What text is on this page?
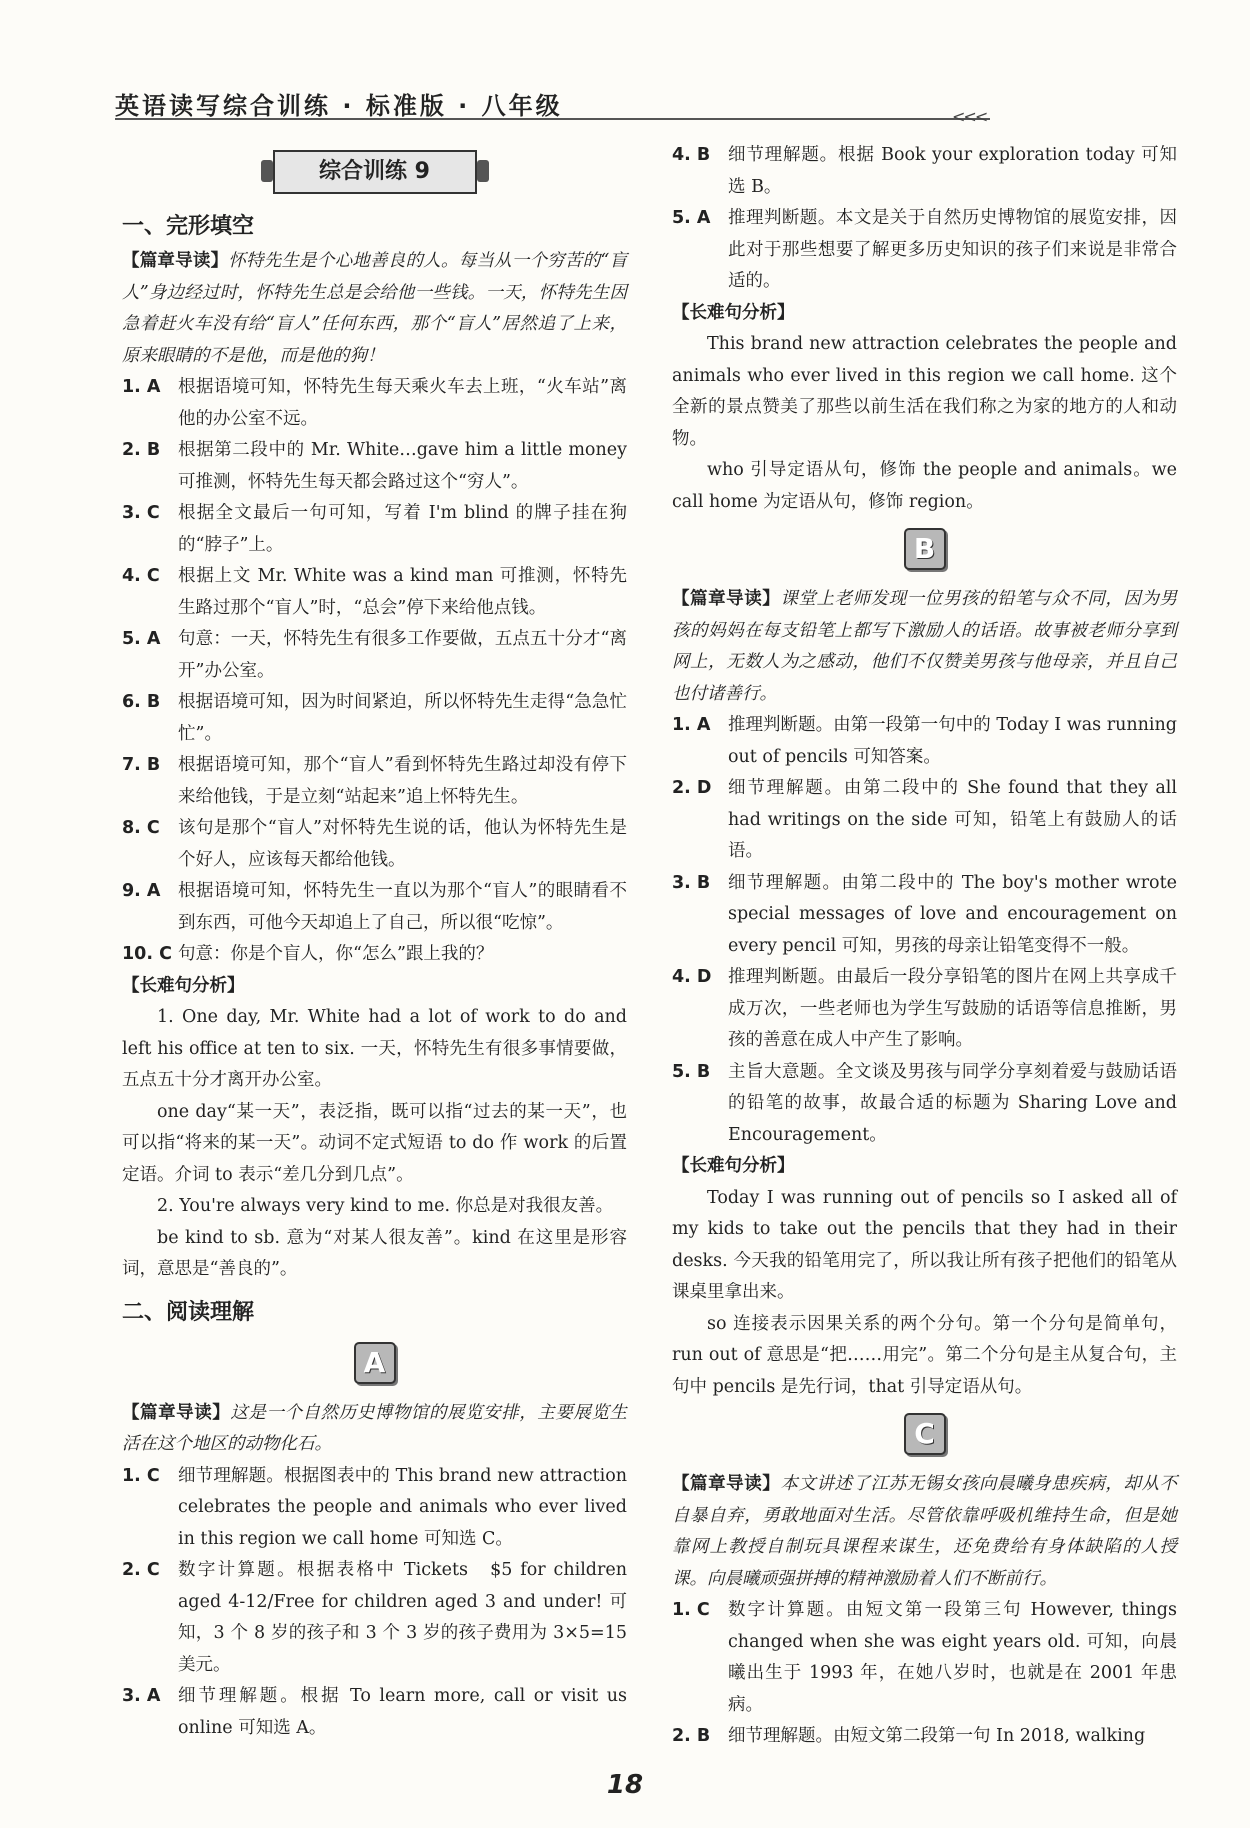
英语读写综合训练 · 标准版 · 八年级	<<<
综合训练 9
一、完形填空
【篇章导读】怀特先生是个心地善良的人。每当从一个穷苦的“盲人”身边经过时，怀特先生总是会给他一些钱。一天，怀特先生因急着赶火车没有给“盲人”任何东西，那个“盲人”居然追了上来，原来眼睛的不是他，而是他的狗！
1. A	根据语境可知，怀特先生每天乘火车去上班，“火车站”离他的办公室不远。
2. B	根据第二段中的 Mr. White…gave him a little money 可推测，怀特先生每天都会路过这个“穷人”。
3. C	根据全文最后一句可知，写着 I'm blind 的牌子挂在狗的“脖子”上。
4. C	根据上文 Mr. White was a kind man 可推测，怀特先生路过那个“盲人”时，“总会”停下来给他点钱。
5. A	句意：一天，怀特先生有很多工作要做，五点五十分才“离开”办公室。
6. B	根据语境可知，因为时间紧迫，所以怀特先生走得“急急忙忙”。
7. B	根据语境可知，那个“盲人”看到怀特先生路过却没有停下来给他钱，于是立刻“站起来”追上怀特先生。
8. C	该句是那个“盲人”对怀特先生说的话，他认为怀特先生是个好人，应该每天都给他钱。
9. A	根据语境可知，怀特先生一直以为那个“盲人”的眼睛看不到东西，可他今天却追上了自己，所以很“吃惊”。
10. C 句意：你是个盲人，你“怎么”跟上我的？
【长难句分析】
1. One day, Mr. White had a lot of work to do and left his office at ten to six. 一天，怀特先生有很多事情要做，五点五十分才离开办公室。
one day“某一天”，表泛指，既可以指“过去的某一天”，也可以指“将来的某一天”。动词不定式短语 to do 作 work 的后置定语。介词 to 表示“差几分到几点”。
2. You're always very kind to me. 你总是对我很友善。
be kind to sb. 意为“对某人很友善”。kind 在这里是形容词，意思是“善良的”。
二、阅读理解
A
【篇章导读】这是一个自然历史博物馆的展览安排，主要展览生活在这个地区的动物化石。
1. C	细节理解题。根据图表中的 This brand new attraction celebrates the people and animals who ever lived in this region we call home 可知选 C。
2. C	数字计算题。根据表格中 Tickets　$5 for children aged 4-12/Free for children aged 3 and under! 可知，3 个 8 岁的孩子和 3 个 3 岁的孩子费用为 3×5=15 美元。
3. A	细节理解题。根据 To learn more, call or visit us online 可知选 A。
4. B	细节理解题。根据 Book your exploration today 可知选 B。
5. A	推理判断题。本文是关于自然历史博物馆的展览安排，因此对于那些想要了解更多历史知识的孩子们来说是非常合适的。
【长难句分析】
This brand new attraction celebrates the people and animals who ever lived in this region we call home. 这个全新的景点赞美了那些以前生活在我们称之为家的地方的人和动物。
who 引导定语从句，修饰 the people and animals。we call home 为定语从句，修饰 region。
B
【篇章导读】课堂上老师发现一位男孩的铅笔与众不同，因为男孩的妈妈在每支铅笔上都写下激励人的话语。故事被老师分享到网上，无数人为之感动，他们不仅赞美男孩与他母亲，并且自己也付诸善行。
1. A	推理判断题。由第一段第一句中的 Today I was running out of pencils 可知答案。
2. D 细节理解题。由第二段中的 She found that they all had writings on the side 可知，铅笔上有鼓励人的话语。
3. B	细节理解题。由第二段中的 The boy's mother wrote special messages of love and encouragement on every pencil 可知，男孩的母亲让铅笔变得不一般。
4. D 推理判断题。由最后一段分享铅笔的图片在网上共享成千成万次，一些老师也为学生写鼓励的话语等信息推断，男孩的善意在成人中产生了影响。
5. B	主旨大意题。全文谈及男孩与同学分享刻着爱与鼓励话语的铅笔的故事，故最合适的标题为 Sharing Love and Encouragement。
【长难句分析】
Today I was running out of pencils so I asked all of my kids to take out the pencils that they had in their desks. 今天我的铅笔用完了，所以我让所有孩子把他们的铅笔从课桌里拿出来。
so 连接表示因果关系的两个分句。第一个分句是简单句，run out of 意思是“把……用完”。第二个分句是主从复合句，主句中 pencils 是先行词，that 引导定语从句。
C
【篇章导读】本文讲述了江苏无锡女孩向晨曦身患疾病，却从不自暴自弃，勇敢地面对生活。尽管依靠呼吸机维持生命，但是她靠网上教授自制玩具课程来谋生，还免费给有身体缺陷的人授课。向晨曦顽强拼搏的精神激励着人们不断前行。
1. C	数字计算题。由短文第一段第三句 However, things changed when she was eight years old. 可知，向晨曦出生于 1993 年，在她八岁时，也就是在 2001 年患病。
2. B	细节理解题。由短文第二段第一句 In 2018, walking
18
